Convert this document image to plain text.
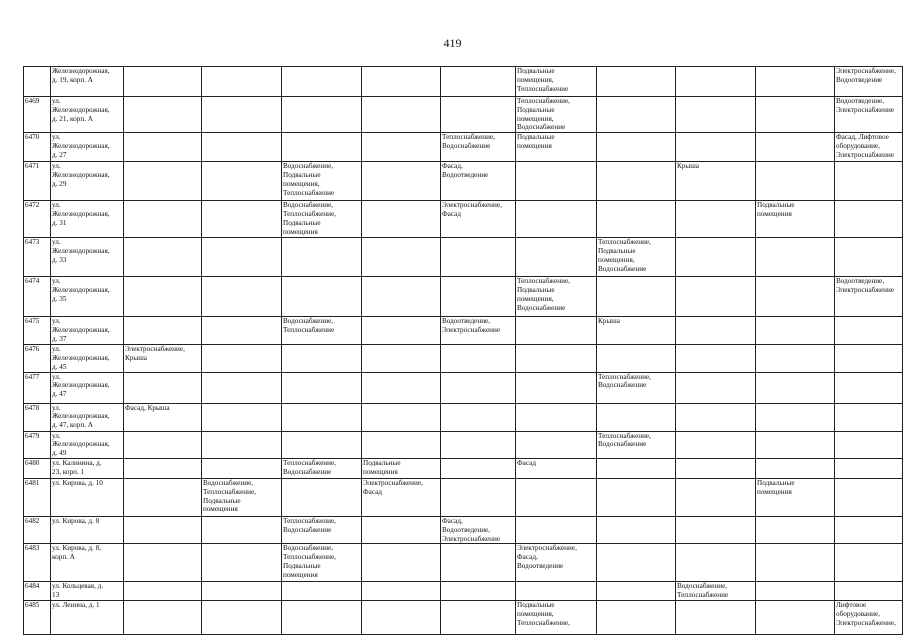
419
	Железнодорожная,
д. 19, корп. А						Подвальные
помещения,
Теплоснабжение				Электроснабжение,
Водоотведение
6469	ул.
Железнодорожная,
д. 21, корп. А						Теплоснабжение,
Подвальные
помещения,
Водоснабжение				Водоотведение,
Электроснабжение
6470	ул.
Железнодорожная,
д. 27					Теплоснабжение,
Водоснабжение	Подвальные
помещения				Фасад, Лифтовое
оборудование,
Электроснабжение
6471	ул.
Железнодорожная,
д. 29			Водоснабжение,
Подвальные
помещения,
Теплоснабжение		Фасад,
Водоотведение			Крыша		
6472	ул.
Железнодорожная,
д. 31			Водоснабжение,
Теплоснабжение,
Подвальные
помещения		Электроснабжение,
Фасад				Подвальные
помещения	
6473	ул.
Железнодорожная,
д. 33							Теплоснабжение,
Подвальные
помещения,
Водоснабжение			
6474	ул.
Железнодорожная,
д. 35						Теплоснабжение,
Подвальные
помещения,
Водоснабжение				Водоотведение,
Электроснабжение
6475	ул.
Железнодорожная,
д. 37			Водоснабжение,
Теплоснабжение		Водоотведение,
Электроснабжение		Крыша			
6476	ул.
Железнодорожная,
д. 45	Электроснабжение,
Крыша									
6477	ул.
Железнодорожная,
д. 47							Теплоснабжение,
Водоснабжение			
6478	ул.
Железнодорожная,
д. 47, корп. А	Фасад, Крыша									
6479	ул.
Железнодорожная,
д. 49							Теплоснабжение,
Водоснабжение			
6480	ул. Калинина, д.
23, корп. 1			Теплоснабжение,
Водоснабжение	Подвальные
помещения		Фасад				
6481	ул. Кирова, д. 10		Водоснабжение,
Теплоснабжение,
Подвальные
помещения		Электроснабжение,
Фасад					Подвальные
помещения	
6482	ул. Кирова, д. 8			Теплоснабжение,
Водоснабжение		Фасад,
Водоотведение,
Электроснабжение					
6483	ул. Кирова, д. 8,
корп. А			Водоснабжение,
Теплоснабжение,
Подвальные
помещения			Электроснабжение,
Фасад,
Водоотведение				
6484	ул. Кольцевая, д.
13								Водоснабжение,
Теплоснабжение		
6485	ул. Ленина, д. 1						Подвальные
помещения,
Теплоснабжение,				Лифтовое
оборудование,
Электроснабжение,
